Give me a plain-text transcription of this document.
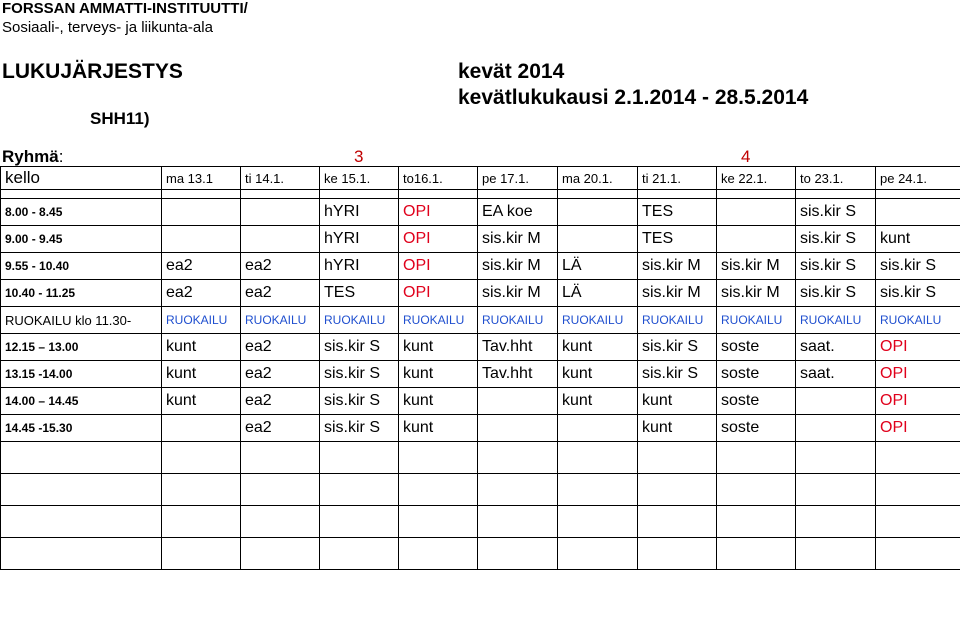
FORSSAN AMMATTI-INSTITUUTTI/
Sosiaali-, terveys- ja liikunta-ala
LUKUJÄRJESTYS	kevät 2014
kevätlukukausi 2.1.2014 - 28.5.2014
SHH11)
Ryhmä:	3	4
kello	ma 13.1	ti 14.1.	ke 15.1.	to16.1.	pe 17.1.	ma 20.1.	ti 21.1.	ke 22.1.	to 23.1.	pe 24.1.

8.00 - 8.45			hYRI	OPI	EA koe		TES		sis.kir S	
9.00 - 9.45			hYRI	OPI	sis.kir M		TES		sis.kir S	kunt
9.55 - 10.40	ea2	ea2	hYRI	OPI	sis.kir M	LÄ	sis.kir M	sis.kir M	sis.kir S	sis.kir S
10.40 - 11.25	ea2	ea2	TES	OPI	sis.kir M	LÄ	sis.kir M	sis.kir M	sis.kir S	sis.kir S
RUOKAILU klo 11.30-	RUOKAILU	RUOKAILU	RUOKAILU	RUOKAILU	RUOKAILU	RUOKAILU	RUOKAILU	RUOKAILU	RUOKAILU	RUOKAILU
12.15 – 13.00	kunt	ea2	sis.kir S	kunt	Tav.hht	kunt	sis.kir S	soste	saat.	OPI
13.15 -14.00	kunt	ea2	sis.kir S	kunt	Tav.hht	kunt	sis.kir S	soste	saat.	OPI
14.00 – 14.45	kunt	ea2	sis.kir S	kunt		kunt	kunt	soste		OPI
14.45 -15.30		ea2	sis.kir S	kunt			kunt	soste		OPI
